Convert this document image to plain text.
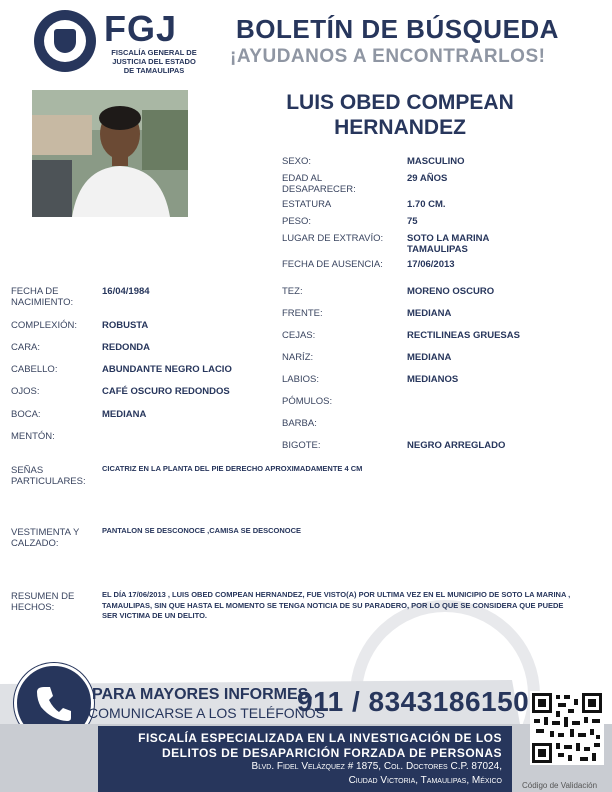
FGJ
FISCALÍA GENERAL DE
JUSTICIA DEL ESTADO
DE TAMAULIPAS
BOLETÍN DE BÚSQUEDA
¡AYUDANOS A ENCONTRARLOS!
LUIS OBED COMPEAN
HERNANDEZ
SEXO:	MASCULINO
EDAD AL
DESAPARECER:
29 AÑOS
ESTATURA	1.70 CM.
PESO:	75
LUGAR DE EXTRAVÍO:	SOTO LA MARINA
TAMAULIPAS
FECHA DE AUSENCIA:	17/06/2013
FECHA DE
NACIMIENTO:
16/04/1984
COMPLEXIÓN:	ROBUSTA
CARA:	REDONDA
CABELLO:	ABUNDANTE NEGRO LACIO
OJOS:	CAFÉ OSCURO REDONDOS
BOCA:	MEDIANA
MENTÓN:
TEZ:	MORENO OSCURO
FRENTE:	MEDIANA
CEJAS:	RECTILINEAS GRUESAS
NARÍZ:	MEDIANA
LABIOS:	MEDIANOS
PÓMULOS:
BARBA:
BIGOTE:	NEGRO ARREGLADO
SEÑAS
PARTICULARES:
CICATRIZ EN LA PLANTA DEL PIE DERECHO APROXIMADAMENTE 4 CM
VESTIMENTA Y
CALZADO:
PANTALON SE DESCONOCE ,CAMISA SE DESCONOCE
RESUMEN DE
HECHOS:
EL DÍA 17/06/2013 , LUIS OBED COMPEAN HERNANDEZ, FUE VISTO(A) POR ULTIMA VEZ EN EL MUNICIPIO DE SOTO LA MARINA , TAMAULIPAS, SIN QUE HASTA EL MOMENTO SE TENGA NOTICIA DE SU PARADERO, POR LO QUE SE CONSIDERA QUE PUEDE SER VICTIMA DE UN DELITO.
PARA MAYORES INFORMES,
COMUNICARSE A LOS TELÉFONOS
911 / 8343186150
FISCALÍA ESPECIALIZADA EN LA INVESTIGACIÓN DE LOS
DELITOS DE DESAPARICIÓN FORZADA DE PERSONAS
Blvd. Fidel Velázquez # 1875, Col. Doctores C.P. 87024,
Ciudad Victoria, Tamaulipas, México	Código de Validación
